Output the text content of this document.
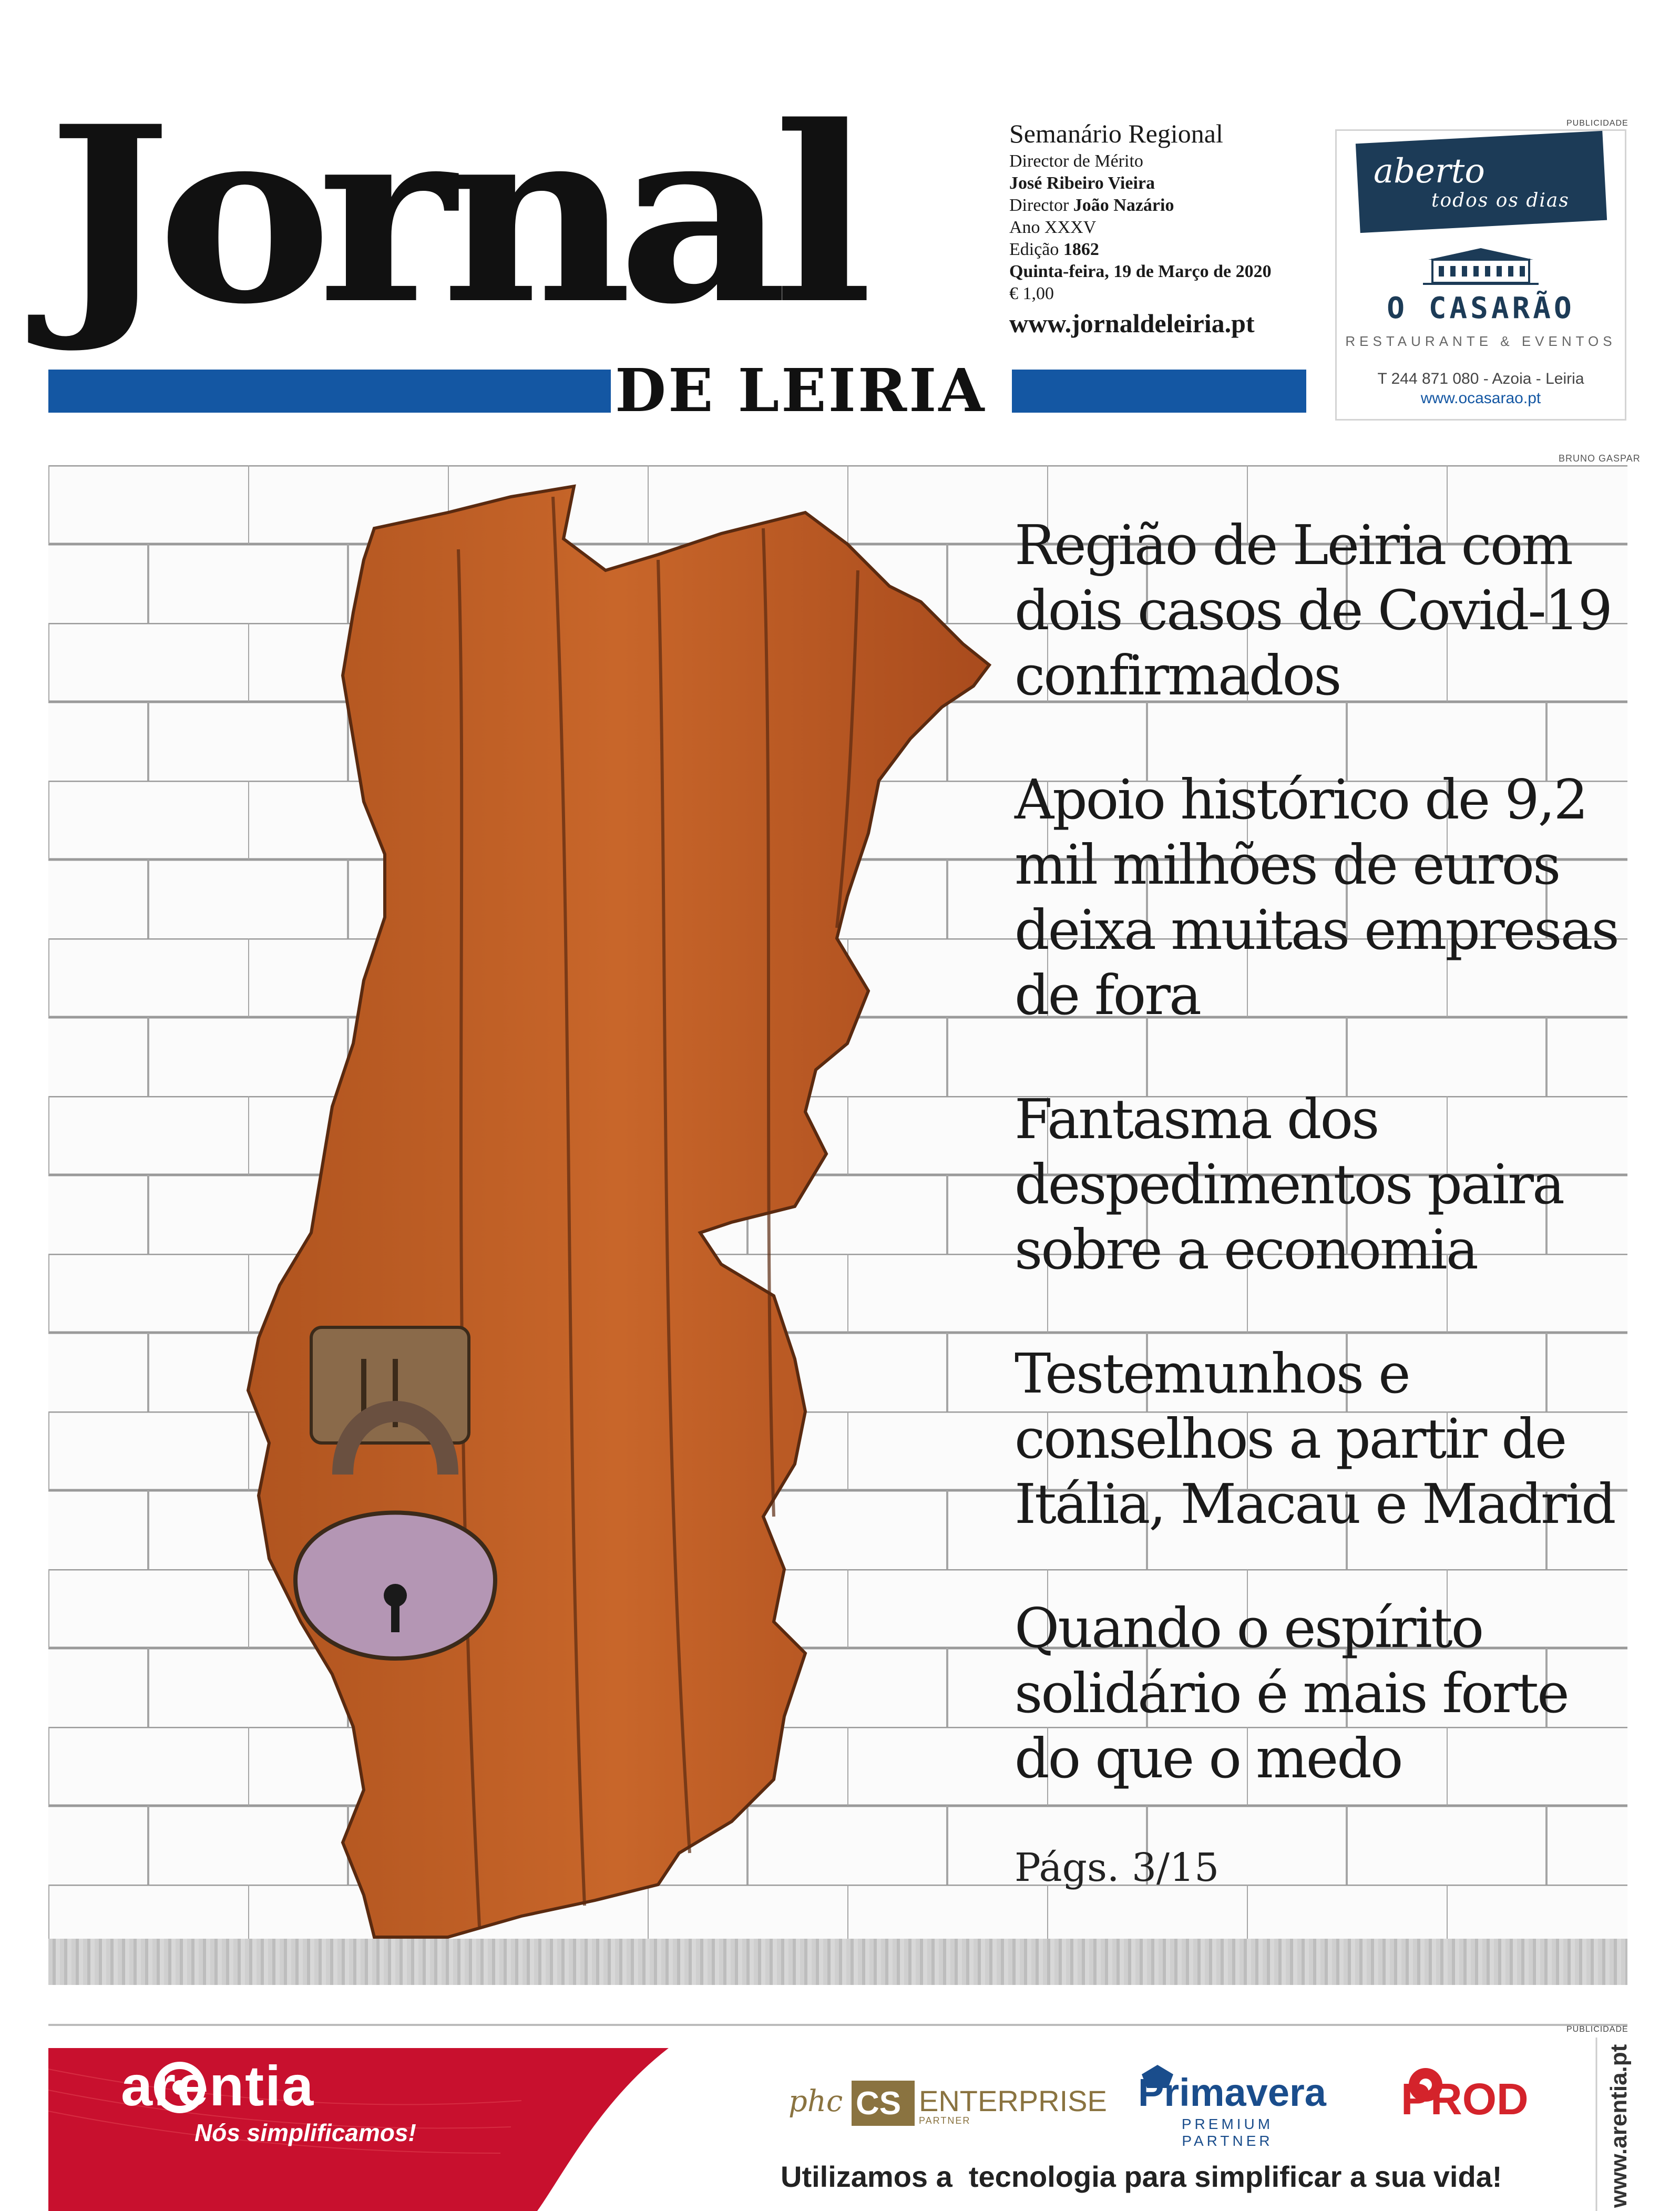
Jornal
DE LEIRIA
Semanário Regional
Director de Mérito
José Ribeiro Vieira
Director João Nazário
Ano XXXV
Edição 1862
Quinta-feira, 19 de Março de 2020
€ 1,00
www.jornaldeleiria.pt
PUBLICIDADE
aberto
todos os dias
O CASARÃO
RESTAURANTE & EVENTOS
T 244 871 080 - Azoia - Leiria
www.ocasarao.pt
BRUNO GASPAR
Região de Leiria com
dois casos de Covid-19
confirmados
Apoio histórico de 9,2
mil milhões de euros
deixa muitas empresas
de fora
Fantasma dos
despedimentos paira
sobre a economia
Testemunhos e
conselhos a partir de
Itália, Macau e Madrid
Quando o espírito
solidário é mais forte
do que o medo
Págs. 3/15
PUBLICIDADE
arentia
Nós simplificamos!
phc CS ENTERPRISE
PARTNER
Primavera
PREMIUM PARTNER
PROD
Utilizamos a  tecnologia para simplificar a sua vida!	www.arentia.pt
